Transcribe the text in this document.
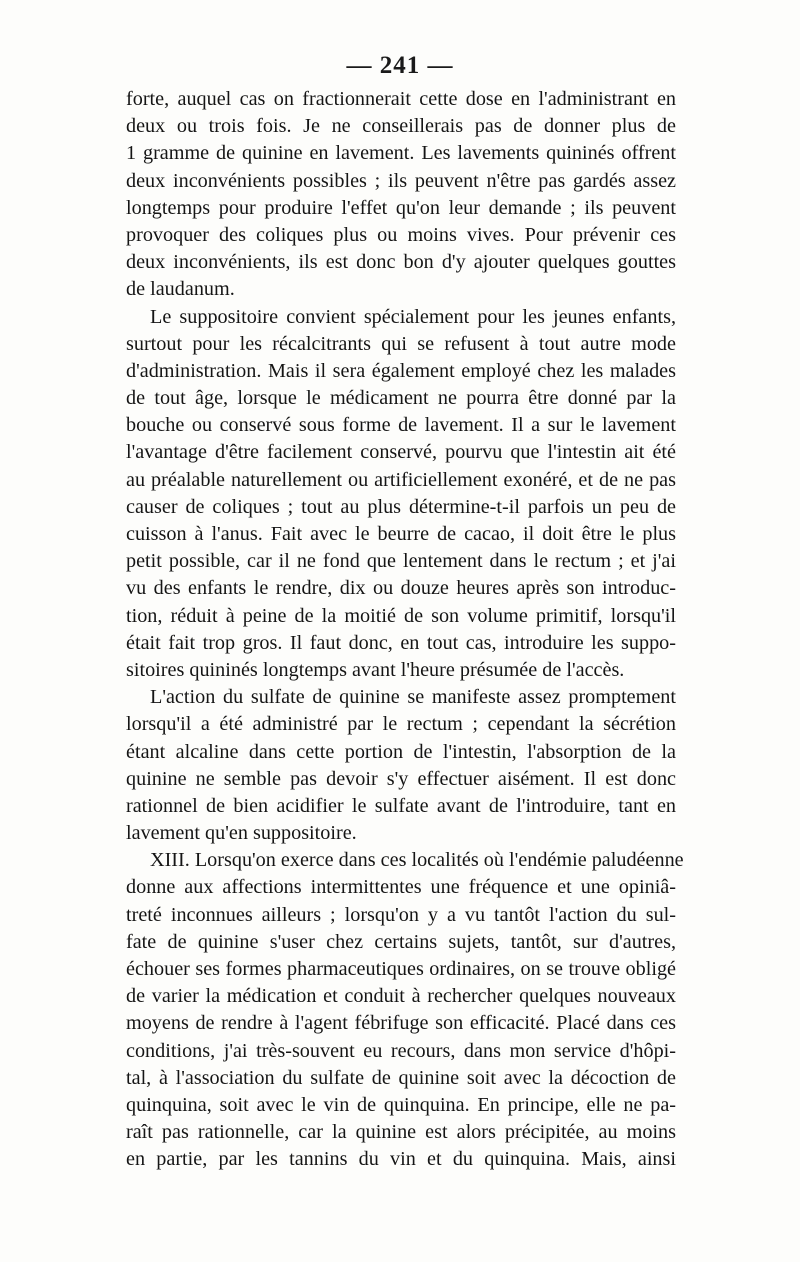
— 241 —
forte, auquel cas on fractionnerait cette dose en l'administrant en
deux ou trois fois. Je ne conseillerais pas de donner plus de
1 gramme de quinine en lavement. Les lavements quininés offrent
deux inconvénients possibles ; ils peuvent n'être pas gardés assez
longtemps pour produire l'effet qu'on leur demande ; ils peuvent
provoquer des coliques plus ou moins vives. Pour prévenir ces
deux inconvénients, ils est donc bon d'y ajouter quelques gouttes
de laudanum.
Le suppositoire convient spécialement pour les jeunes enfants,
surtout pour les récalcitrants qui se refusent à tout autre mode
d'administration. Mais il sera également employé chez les malades
de tout âge, lorsque le médicament ne pourra être donné par la
bouche ou conservé sous forme de lavement. Il a sur le lavement
l'avantage d'être facilement conservé, pourvu que l'intestin ait été
au préalable naturellement ou artificiellement exonéré, et de ne pas
causer de coliques ; tout au plus détermine-t-il parfois un peu de
cuisson à l'anus. Fait avec le beurre de cacao, il doit être le plus
petit possible, car il ne fond que lentement dans le rectum ; et j'ai
vu des enfants le rendre, dix ou douze heures après son introduc-
tion, réduit à peine de la moitié de son volume primitif, lorsqu'il
était fait trop gros. Il faut donc, en tout cas, introduire les suppo-
sitoires quininés longtemps avant l'heure présumée de l'accès.
L'action du sulfate de quinine se manifeste assez promptement
lorsqu'il a été administré par le rectum ; cependant la sécrétion
étant alcaline dans cette portion de l'intestin, l'absorption de la
quinine ne semble pas devoir s'y effectuer aisément. Il est donc
rationnel de bien acidifier le sulfate avant de l'introduire, tant en
lavement qu'en suppositoire.
XIII. Lorsqu'on exerce dans ces localités où l'endémie paludéenne
donne aux affections intermittentes une fréquence et une opiniâ-
treté inconnues ailleurs ; lorsqu'on y a vu tantôt l'action du sul-
fate de quinine s'user chez certains sujets, tantôt, sur d'autres,
échouer ses formes pharmaceutiques ordinaires, on se trouve obligé
de varier la médication et conduit à rechercher quelques nouveaux
moyens de rendre à l'agent fébrifuge son efficacité. Placé dans ces
conditions, j'ai très-souvent eu recours, dans mon service d'hôpi-
tal, à l'association du sulfate de quinine soit avec la décoction de
quinquina, soit avec le vin de quinquina. En principe, elle ne pa-
raît pas rationnelle, car la quinine est alors précipitée, au moins
en partie, par les tannins du vin et du quinquina. Mais, ainsi
